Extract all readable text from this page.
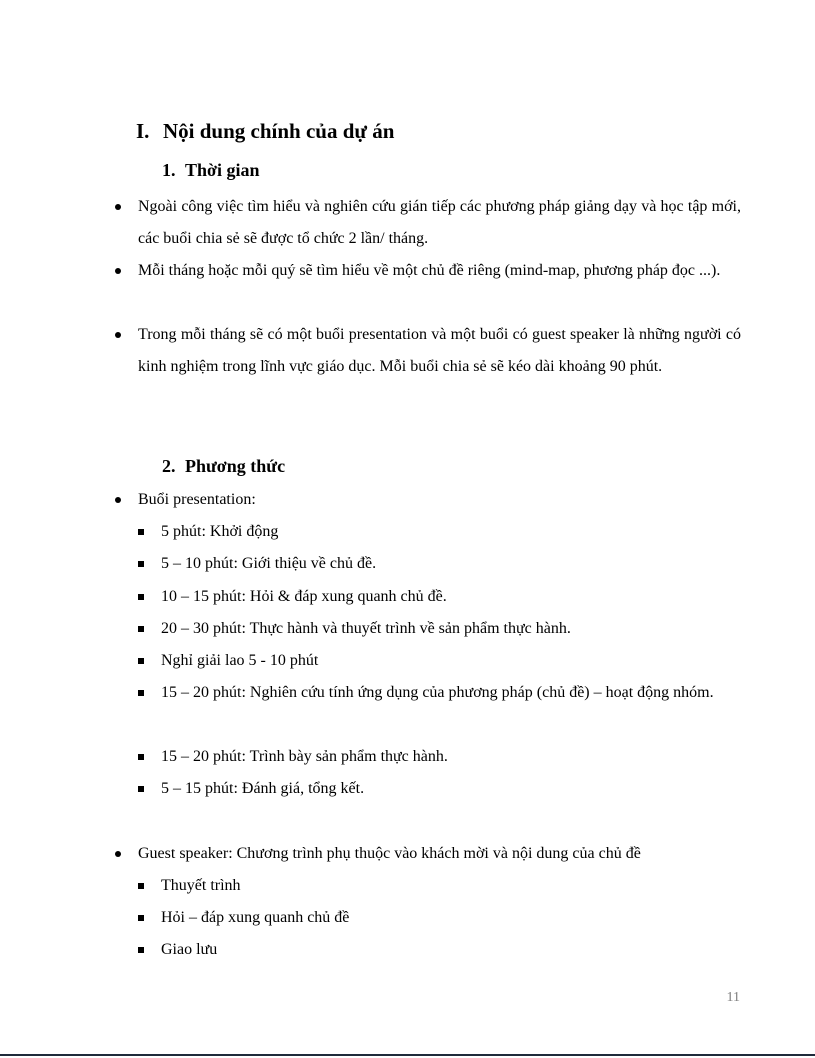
I. Nội dung chính của dự án
1. Thời gian
Ngoài công việc tìm hiểu và nghiên cứu gián tiếp các phương pháp giảng dạy và học tập mới, các buổi chia sẻ sẽ được tổ chức 2 lần/ tháng.
Mỗi tháng hoặc mỗi quý sẽ tìm hiểu về một chủ đề riêng (mind-map, phương pháp đọc ...).
Trong mỗi tháng sẽ có một buổi presentation và một buổi có guest speaker là những người có kinh nghiệm trong lĩnh vực giáo dục. Mỗi buổi chia sẻ sẽ kéo dài khoảng 90 phút.
2. Phương thức
Buổi presentation:
5 phút: Khởi động
5 – 10 phút: Giới thiệu về chủ đề.
10 – 15 phút: Hỏi & đáp xung quanh chủ đề.
20 – 30 phút: Thực hành và thuyết trình về sản phẩm thực hành.
Nghỉ giải lao 5 - 10 phút
15 – 20 phút: Nghiên cứu tính ứng dụng của phương pháp (chủ đề) – hoạt động nhóm.
15 – 20 phút: Trình bày sản phẩm thực hành.
5 – 15 phút: Đánh giá, tổng kết.
Guest speaker: Chương trình phụ thuộc vào khách mời và nội dung của chủ đề
Thuyết trình
Hỏi – đáp xung quanh chủ đề
Giao lưu
11
